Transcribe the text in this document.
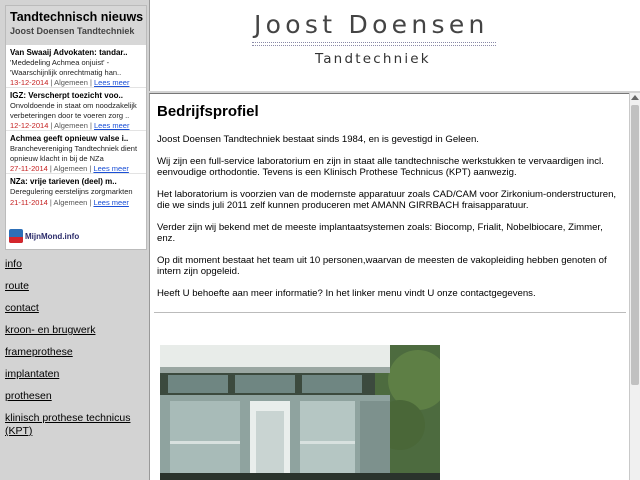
Tandtechnisch nieuws
Joost Doensen Tandtechniek
Van Swaaij Advokaten: tandar..
'Mededeling Achmea onjuist' - 'Waarschijnlijk onrechtmatig han..
13-12-2014 | Algemeen | Lees meer
IGZ: Verscherpt toezicht voo..
Onvoldoende in staat om noodzakelijk verbeteringen door te voeren zorg ..
12-12-2014 | Algemeen | Lees meer
Achmea geeft opnieuw valse i..
Branchevereniging Tandtechniek dient opnieuw klacht in bij de NZa
27-11-2014 | Algemeen | Lees meer
NZa: vrije tarieven (deel) m..
Deregulering eerstelijns zorgmarkten
21-11-2014 | Algemeen | Lees meer
MijnMond.info
info
route
contact
kroon- en brugwerk
frameprothese
implantaten
prothesen
klinisch prothese technicus (KPT)
Joost Doensen
Tandtechniek
Bedrijfsprofiel

Joost Doensen Tandtechniek bestaat sinds 1984, en is gevestigd in Geleen.

Wij zijn een full-service laboratorium en zijn in staat alle tandtechnische werkstukken te vervaardigen incl. eenvoudige orthodontie. Tevens is een Klinisch Prothese Technicus (KPT) aanwezig.

Het laboratorium is voorzien van de modernste apparatuur zoals CAD/CAM voor Zirkonium-onderstructuren, die we sinds juli 2011 zelf kunnen produceren met AMANN GIRRBACH fraisapparatuur.

Verder zijn wij bekend met de meeste implantaatsystemen zoals: Biocomp, Frialit, Nobelbiocare, Zimmer, enz.

Op dit moment bestaat het team uit 10 personen,waarvan de meesten de vakopleiding hebben genoten of intern zijn opgeleid.

Heeft U behoefte aan meer informatie? In het linker menu vindt U onze contactgegevens.
